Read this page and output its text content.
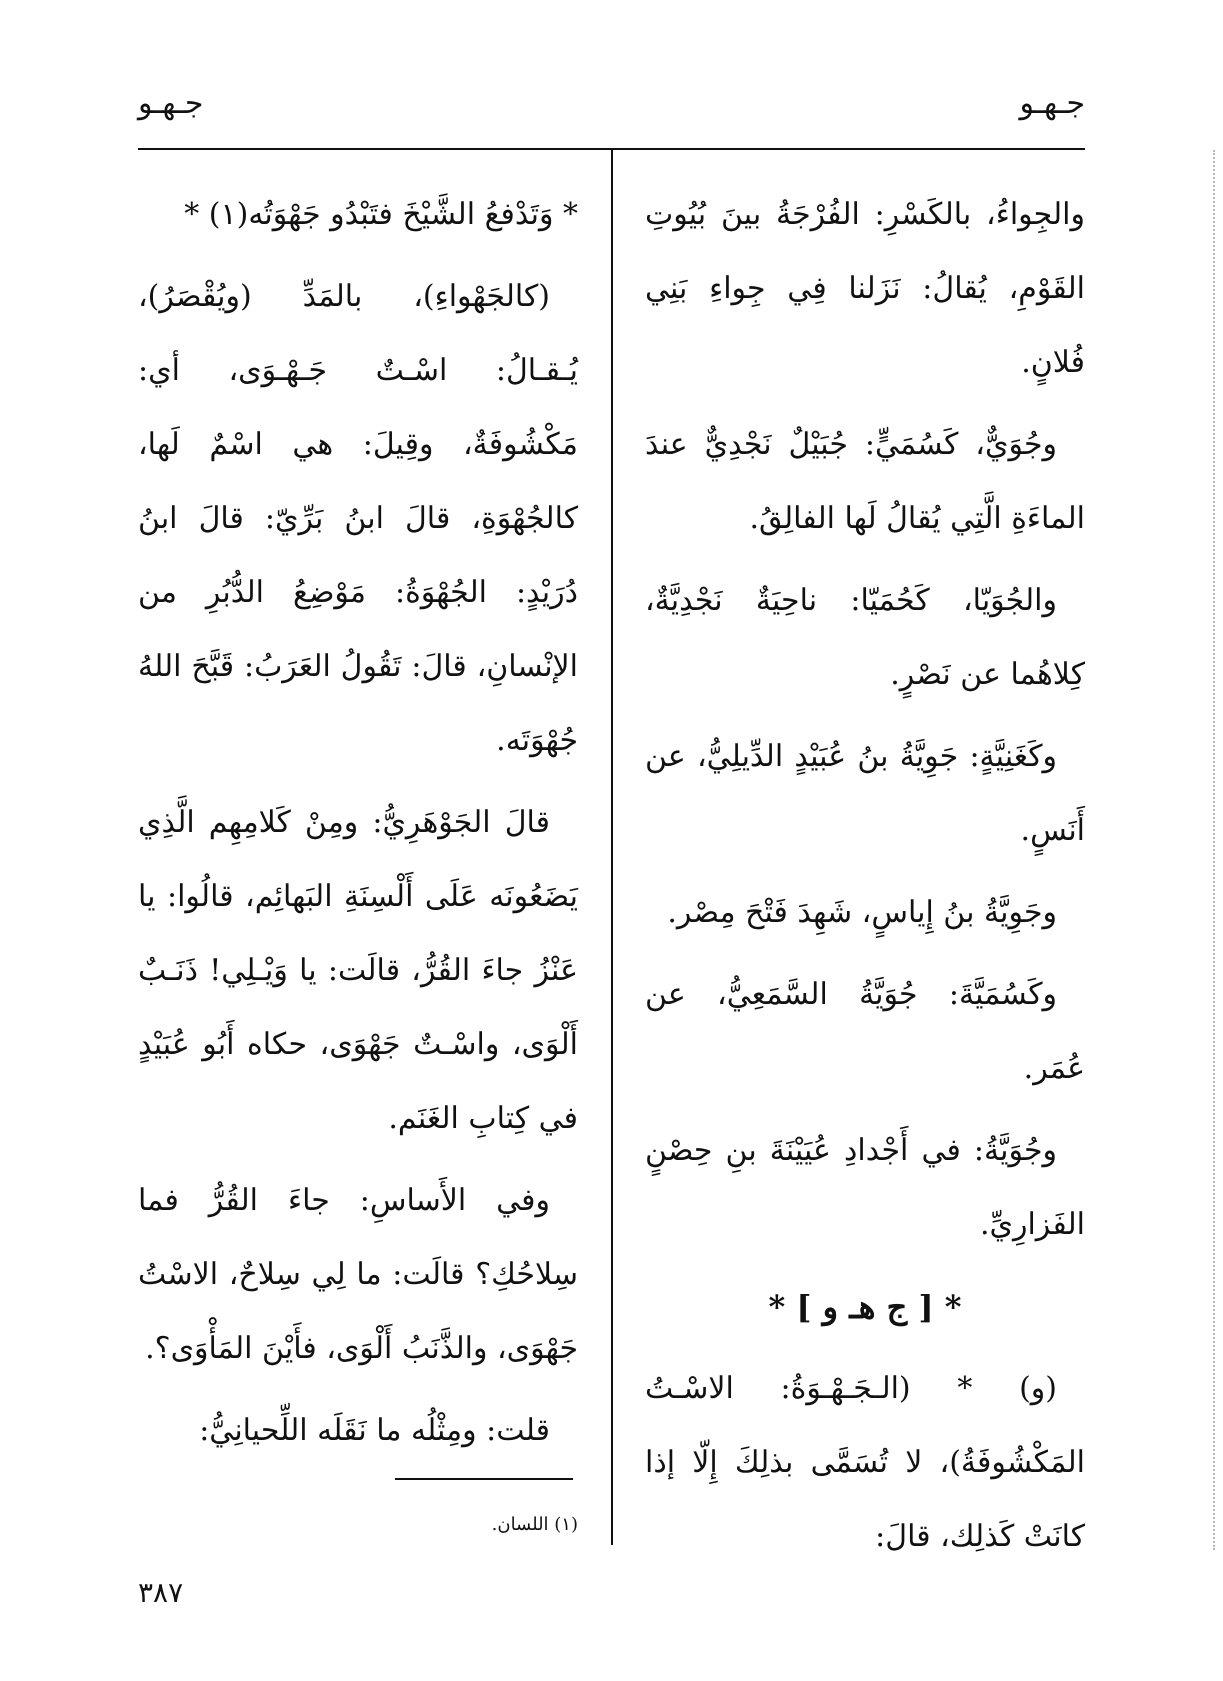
جـهـو
جـهـو

والجِواءُ، بالكَسْرِ: الفُرْجَةُ بينَ بُيُوتِ القَوْمِ، يُقالُ: نَزَلنا فِي جِواءِ بَنِي فُلانٍ.

وجُوَيٌّ، كَسُمَيٍّ: جُبَيْلٌ نَجْدِيٌّ عندَ الماءَةِ الَّتِي يُقالُ لَها الفالِقُ.

والجُوَيّا، كَحُمَيّا: ناحِيَةٌ نَجْدِيَّةٌ، كِلاهُما عن نَصْرٍ.

وكَغَنِيَّةٍ: جَوِيَّةُ بنُ عُبَيْدٍ الدِّيلِيُّ، عن أَنَسٍ.

وجَوِيَّةُ بنُ إِياسٍ، شَهِدَ فَتْحَ مِصْر.

وكَسُمَيَّةَ: جُوَيَّةُ السَّمَعِيُّ، عن عُمَر.

وجُوَيَّةُ: في أَجْدادِ عُيَيْنَةَ بنِ حِصْنٍ الفَزارِيِّ.

* [ ج هـ و ] *

(و) * (الـجَـهْـوَةُ: الاسْـتُ المَكْشُوفَةُ)، لا تُسَمَّى بذلِكَ إِلّا إذا كانَتْ كَذلِك، قالَ:

* وَتَدْفعُ الشَّيْخَ فتَبْدُو جَهْوَتُه(١) *

(كالجَهْواءِ)، بالمَدِّ (ويُقْصَرُ)، يُـقـالُ: اسْـتٌ جَـهْـوَى، أي: مَكْشُوفَةٌ، وقِيلَ: هي اسْمٌ لَها، كالجُهْوَةِ، قالَ ابنُ بَرِّيّ: قالَ ابنُ دُرَيْدٍ: الجُهْوَةُ: مَوْضِعُ الدُّبُرِ من الإنْسانِ، قالَ: تَقُولُ العَرَبُ: قَبَّحَ اللهُ جُهْوَتَه.

قالَ الجَوْهَرِيُّ: ومِنْ كَلامِهِم الَّذِي يَضَعُونَه عَلَى أَلْسِنَةِ البَهائِم، قالُوا: يا عَنْزُ جاءَ القُرُّ، قالَت: يا وَيْـلِي! ذَنَـبٌ أَلْوَى، واسْـتٌ جَهْوَى، حكاه أَبُو عُبَيْدٍ في كِتابِ الغَنَم.

وفي الأَساسِ: جاءَ القُرُّ فما سِلاحُكِ؟ قالَت: ما لِي سِلاحٌ، الاسْتُ جَهْوَى، والذَّنَبُ أَلْوَى، فأَيْنَ المَأْوَى؟.

قلت: ومِثْلُه ما نَقَلَه اللِّحيانِيُّ:

(١) اللسان.
٣٨٧
